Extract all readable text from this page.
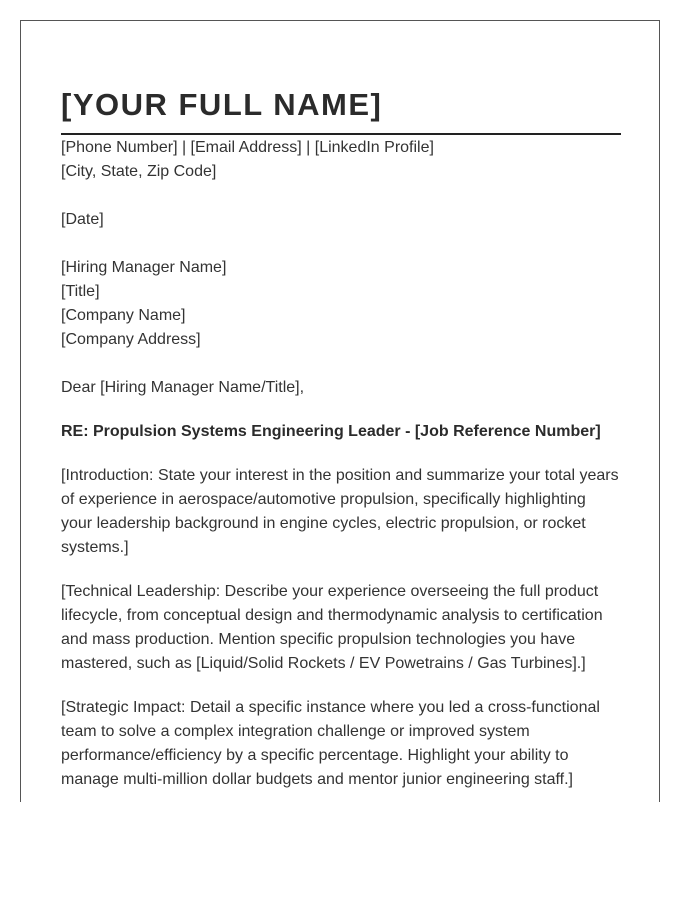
[YOUR FULL NAME]

[Phone Number] | [Email Address] | [LinkedIn Profile]

[City, State, Zip Code]

[Date]

[Hiring Manager Name]

[Title]

[Company Name]

[Company Address]

Dear [Hiring Manager Name/Title],

RE: Propulsion Systems Engineering Leader - [Job Reference Number]

[Introduction: State your interest in the position and summarize your total years of experience in aerospace/automotive propulsion, specifically highlighting your leadership background in engine cycles, electric propulsion, or rocket systems.]

[Technical Leadership: Describe your experience overseeing the full product lifecycle, from conceptual design and thermodynamic analysis to certification and mass production. Mention specific propulsion technologies you have mastered, such as [Liquid/Solid Rockets / EV Powetrains / Gas Turbines].]

[Strategic Impact: Detail a specific instance where you led a cross-functional team to solve a complex integration challenge or improved system performance/efficiency by a specific percentage. Highlight your ability to manage multi-million dollar budgets and mentor junior engineering staff.]
